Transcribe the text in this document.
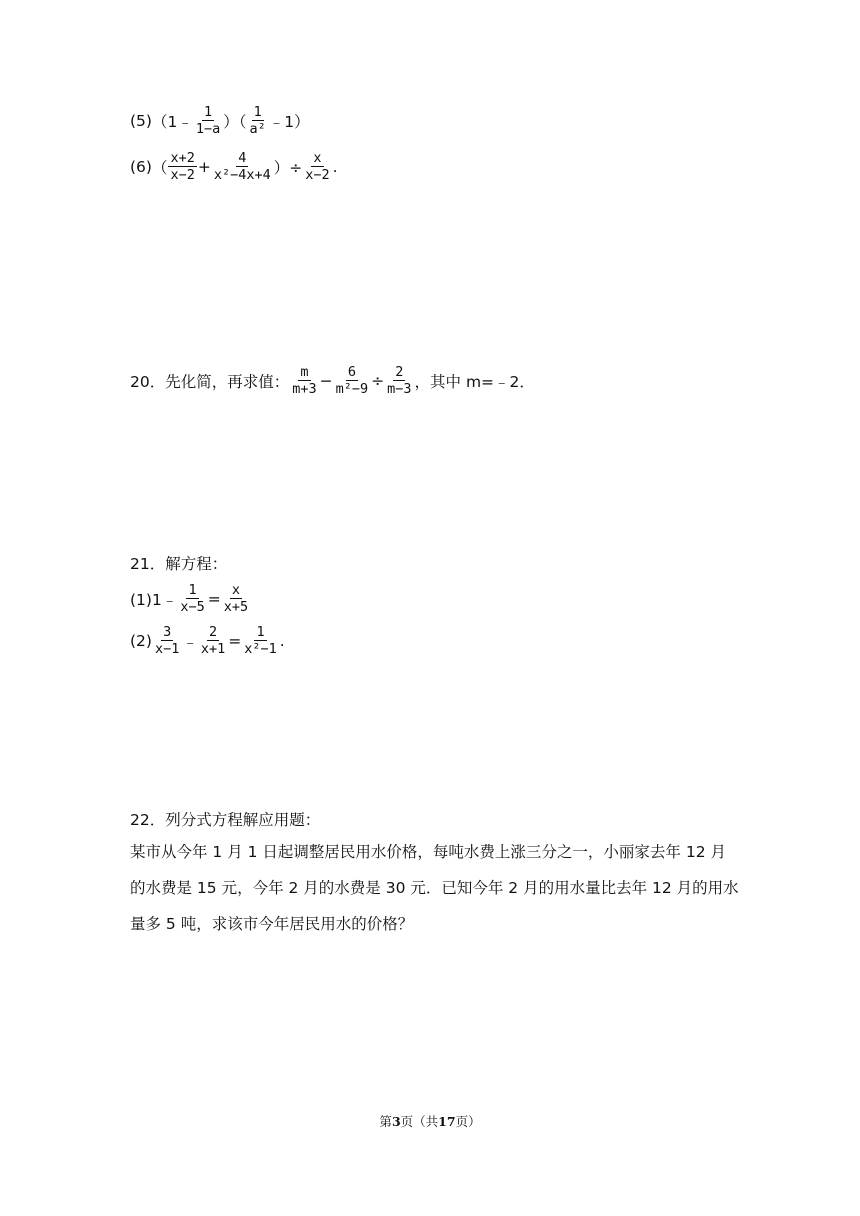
(5) （1﹣ $\frac{1}{1-a}$ ）（ $\frac{1}{\text{a²}}$ ﹣1）
(6) （ $\frac{x+2}{x-2} + \frac{4}{\text{x²−4x+4}}$ ）÷ $\frac{x}{x-2}$ .
20．先化简，再求值： $\frac{m}{m+3} - \frac{6}{\text{m²−9}} \div \frac{2}{m-3}$ ，其中 m=﹣2．
21．解方程：
(1)1﹣ $\frac{1}{x-5} = \frac{x}{x+5}$
$(2) \frac{3}{x-1}$ ﹣ $\frac{2}{x+1} = \frac{1}{\text{x²−1}}$ .
22．列分式方程解应用题：
某市从今年 1 月 1 日起调整居民用水价格，每吨水费上涨三分之一，小丽家去年 12 月的水费是 15 元，今年 2 月的水费是 30 元．已知今年 2 月的用水量比去年 12 月的用水量多 5 吨，求该市今年居民用水的价格？
第3页（共17页）
